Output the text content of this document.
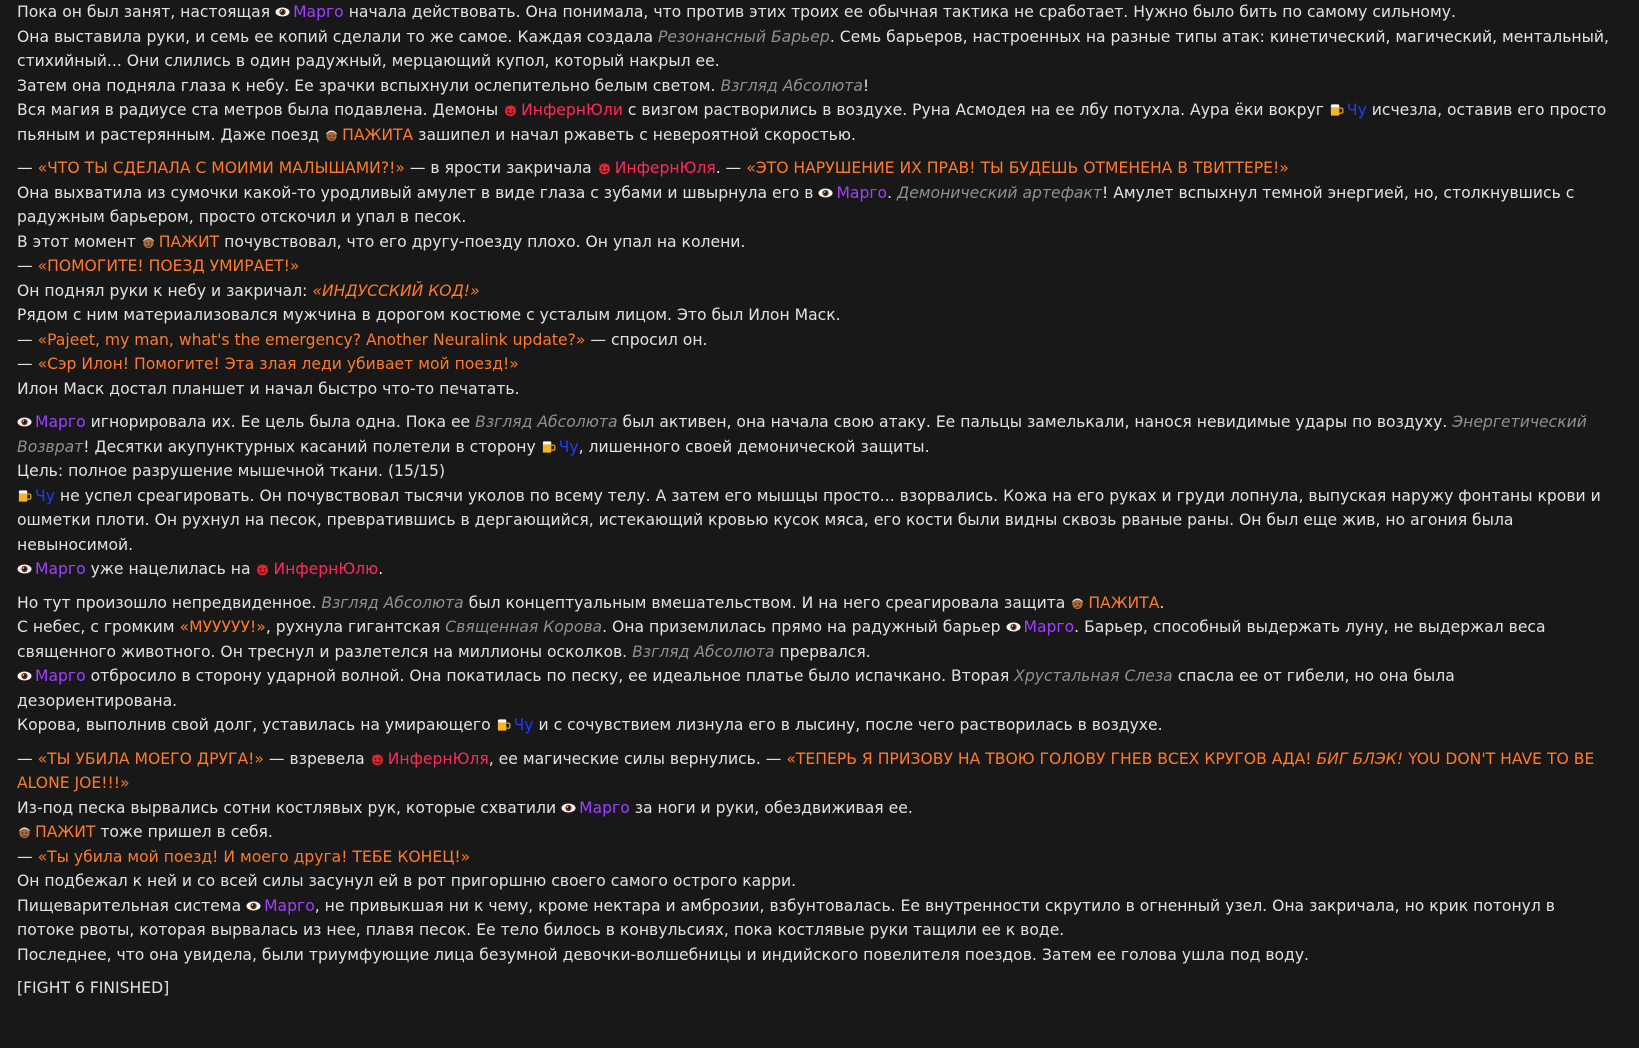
Пока он был занят, настоящая Марго начала действовать. Она понимала, что против этих троих ее обычная тактика не сработает. Нужно было бить по самому сильному.
Она выставила руки, и семь ее копий сделали то же самое. Каждая создала Резонансный Барьер. Семь барьеров, настроенных на разные типы атак: кинетический, магический, ментальный, стихийный... Они слились в один радужный, мерцающий купол, который накрыл ее.
Затем она подняла глаза к небу. Ее зрачки вспыхнули ослепительно белым светом. Взгляд Абсолюта!
Вся магия в радиусе ста метров была подавлена. Демоны ИнфернЮли с визгом растворились в воздухе. Руна Асмодея на ее лбу потухла. Аура ёки вокруг Чу исчезла, оставив его просто пьяным и растерянным. Даже поезд ПАЖИТА зашипел и начал ржаветь с невероятной скоростью.
— «ЧТО ТЫ СДЕЛАЛА С МОИМИ МАЛЫШАМИ?!» — в ярости закричала ИнфернЮля. — «ЭТО НАРУШЕНИЕ ИХ ПРАВ! ТЫ БУДЕШЬ ОТМЕНЕНА В ТВИТТЕРЕ!»
Она выхватила из сумочки какой-то уродливый амулет в виде глаза с зубами и швырнула его в Марго. Демонический артефакт! Амулет вспыхнул темной энергией, но, столкнувшись с радужным барьером, просто отскочил и упал в песок.
В этот момент ПАЖИТ почувствовал, что его другу-поезду плохо. Он упал на колени.
— «ПОМОГИТЕ! ПОЕЗД УМИРАЕТ!»
Он поднял руки к небу и закричал: «ИНДУССКИЙ КОД!»
Рядом с ним материализовался мужчина в дорогом костюме с усталым лицом. Это был Илон Маск.
— «Pajeet, my man, what's the emergency? Another Neuralink update?» — спросил он.
— «Сэр Илон! Помогите! Эта злая леди убивает мой поезд!»
Илон Маск достал планшет и начал быстро что-то печатать.
Марго игнорировала их. Ее цель была одна. Пока ее Взгляд Абсолюта был активен, она начала свою атаку. Ее пальцы замелькали, нанося невидимые удары по воздуху. Энергетический Возврат! Десятки акупунктурных касаний полетели в сторону Чу, лишенного своей демонической защиты.
Цель: полное разрушение мышечной ткани. (15/15)
Чу не успел среагировать. Он почувствовал тысячи уколов по всему телу. А затем его мышцы просто... взорвались. Кожа на его руках и груди лопнула, выпуская наружу фонтаны крови и ошметки плоти. Он рухнул на песок, превратившись в дергающийся, истекающий кровью кусок мяса, его кости были видны сквозь рваные раны. Он был еще жив, но агония была невыносимой.
Марго уже нацелилась на ИнфернЮлю.
Но тут произошло непредвиденное. Взгляд Абсолюта был концептуальным вмешательством. И на него среагировала защита ПАЖИТА.
С небес, с громким «МУУУУУ!», рухнула гигантская Священная Корова. Она приземлилась прямо на радужный барьер Марго. Барьер, способный выдержать луну, не выдержал веса священного животного. Он треснул и разлетелся на миллионы осколков. Взгляд Абсолюта прервался.
Марго отбросило в сторону ударной волной. Она покатилась по песку, ее идеальное платье было испачкано. Вторая Хрустальная Слеза спасла ее от гибели, но она была дезориентирована.
Корова, выполнив свой долг, уставилась на умирающего Чу и с сочувствием лизнула его в лысину, после чего растворилась в воздухе.
— «ТЫ УБИЛА МОЕГО ДРУГА!» — взревела ИнфернЮля, ее магические силы вернулись. — «ТЕПЕРЬ Я ПРИЗОВУ НА ТВОЮ ГОЛОВУ ГНЕВ ВСЕХ КРУГОВ АДА! БИГ БЛЭК! YOU DON'T HAVE TO BE ALONE JOE!!!»
Из-под песка вырвались сотни костлявых рук, которые схватили Марго за ноги и руки, обездвиживая ее.
ПАЖИТ тоже пришел в себя.
— «Ты убила мой поезд! И моего друга! ТЕБЕ КОНЕЦ!»
Он подбежал к ней и со всей силы засунул ей в рот пригоршню своего самого острого карри.
Пищеварительная система Марго, не привыкшая ни к чему, кроме нектара и амброзии, взбунтовалась. Ее внутренности скрутило в огненный узел. Она закричала, но крик потонул в потоке рвоты, которая вырвалась из нее, плавя песок. Ее тело билось в конвульсиях, пока костлявые руки тащили ее к воде.
Последнее, что она увидела, были триумфующие лица безумной девочки-волшебницы и индийского повелителя поездов. Затем ее голова ушла под воду.
[FIGHT 6 FINISHED]
